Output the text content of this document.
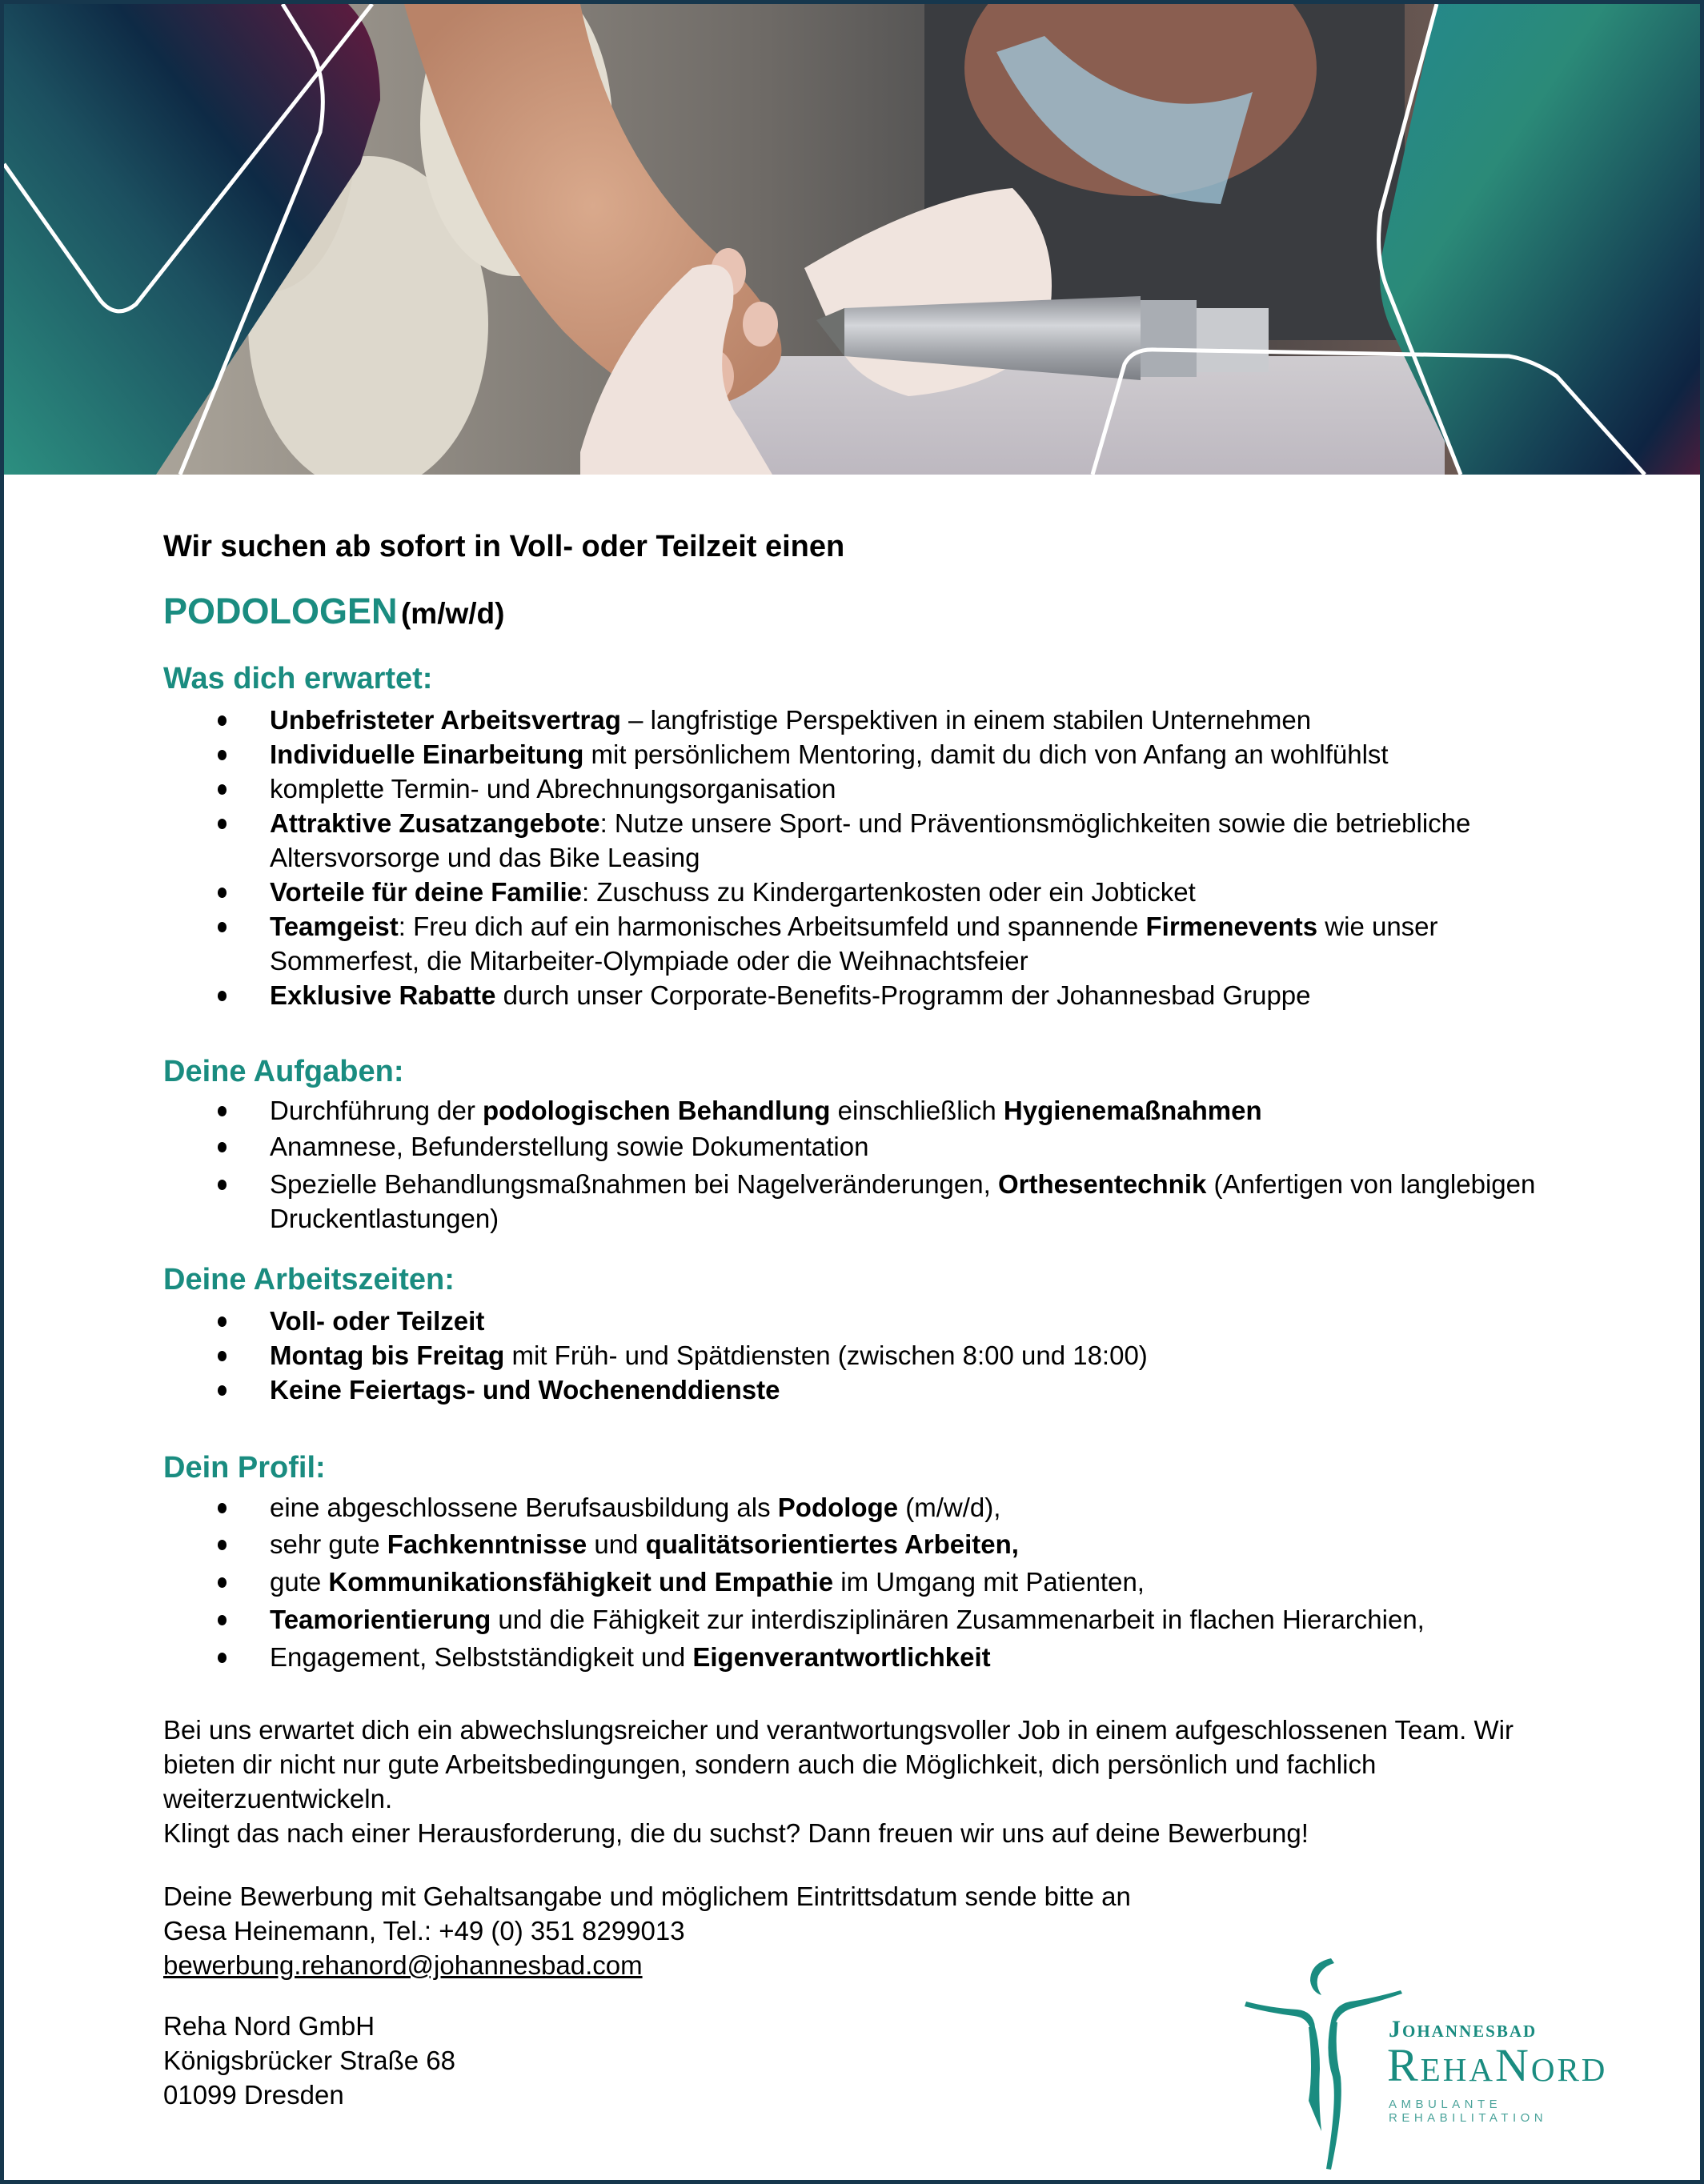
Wir suchen ab sofort in Voll- oder Teilzeit einen
PODOLOGEN (m/w/d)
Was dich erwartet:
Unbefristeter Arbeitsvertrag – langfristige Perspektiven in einem stabilen Unternehmen
Individuelle Einarbeitung mit persönlichem Mentoring, damit du dich von Anfang an wohlfühlst
komplette Termin- und Abrechnungsorganisation
Attraktive Zusatzangebote: Nutze unsere Sport- und Präventionsmöglichkeiten sowie die betriebliche Altersvorsorge und das Bike Leasing
Vorteile für deine Familie: Zuschuss zu Kindergartenkosten oder ein Jobticket
Teamgeist: Freu dich auf ein harmonisches Arbeitsumfeld und spannende Firmenevents wie unser Sommerfest, die Mitarbeiter-Olympiade oder die Weihnachtsfeier
Exklusive Rabatte durch unser Corporate-Benefits-Programm der Johannesbad Gruppe
Deine Aufgaben:
Durchführung der podologischen Behandlung einschließlich Hygienemaßnahmen
Anamnese, Befunderstellung sowie Dokumentation
Spezielle Behandlungsmaßnahmen bei Nagelveränderungen, Orthesentechnik (Anfertigen von langlebigen Druckentlastungen)
Deine Arbeitszeiten:
Voll- oder Teilzeit
Montag bis Freitag mit Früh- und Spätdiensten (zwischen 8:00 und 18:00)
Keine Feiertags- und Wochenenddienste
Dein Profil:
eine abgeschlossene Berufsausbildung als Podologe (m/w/d),
sehr gute Fachkenntnisse und qualitätsorientiertes Arbeiten,
gute Kommunikationsfähigkeit und Empathie im Umgang mit Patienten,
Teamorientierung und die Fähigkeit zur interdisziplinären Zusammenarbeit in flachen Hierarchien,
Engagement, Selbstständigkeit und Eigenverantwortlichkeit

Bei uns erwartet dich ein abwechslungsreicher und verantwortungsvoller Job in einem aufgeschlossenen Team. Wir bieten dir nicht nur gute Arbeitsbedingungen, sondern auch die Möglichkeit, dich persönlich und fachlich weiterzuentwickeln.

Klingt das nach einer Herausforderung, die du suchst? Dann freuen wir uns auf deine Bewerbung!

Deine Bewerbung mit Gehaltsangabe und möglichem Eintrittsdatum sende bitte an

Gesa Heinemann, Tel.: +49 (0) 351 8299013

bewerbung.rehanord@johannesbad.com

Reha Nord GmbH

Königsbrücker Straße 68

01099 Dresden

Johannesbad
RehaNord
AMBULANTE REHABILITATION
